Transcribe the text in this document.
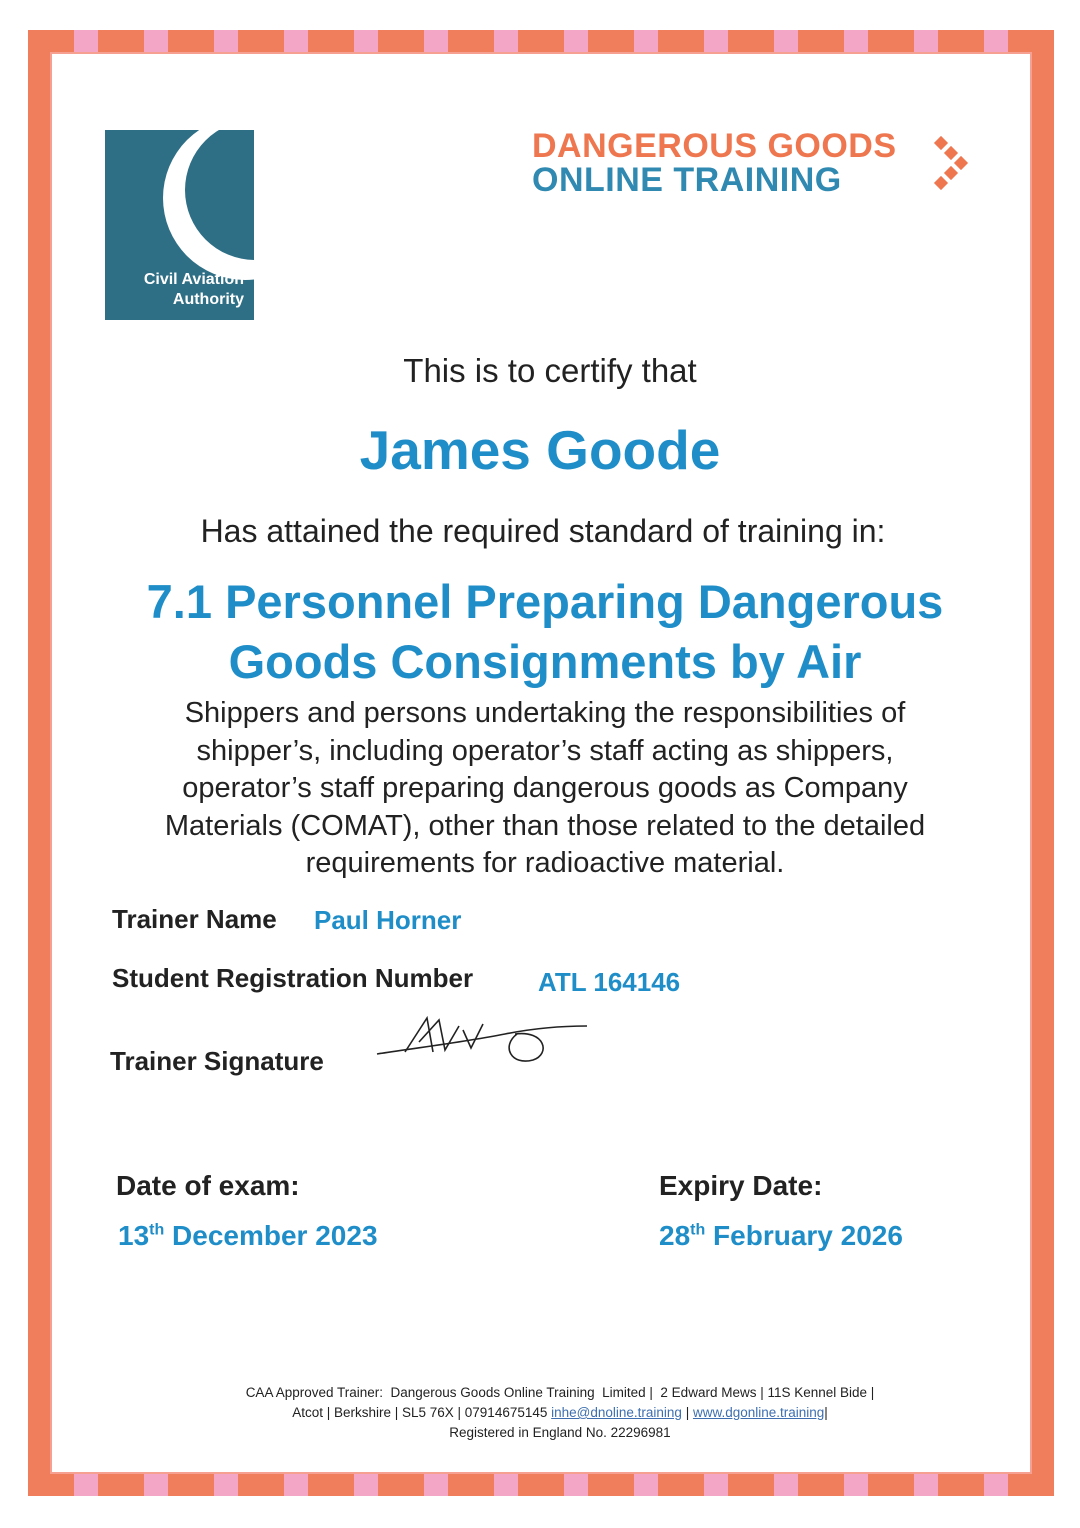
Civil Aviation
Authority
DANGEROUS GOODS
ONLINE TRAINING
This is to certify that
James Goode
Has attained the required standard of training in:
7.1 Personnel Preparing Dangerous
Goods Consignments by Air
Shippers and persons undertaking the responsibilities of
shipper’s, including operator’s staff acting as shippers,
operator’s staff preparing dangerous goods as Company
Materials (COMAT), other than those related to the detailed
requirements for radioactive material.
Trainer Name Paul Horner
Student Registration Number ATL 164146
Trainer Signature
Date of exam:
13th December 2023
Expiry Date:
28th February 2026
CAA Approved Trainer:  Dangerous Goods Online Training  Limited |  2 Edward Mews | 11S Kennel Bide |
Atcot | Berkshire | SL5 76X | 07914675145 inhe@dnoline.training | www.dgonline.training|
Registered in England No. 22296981
